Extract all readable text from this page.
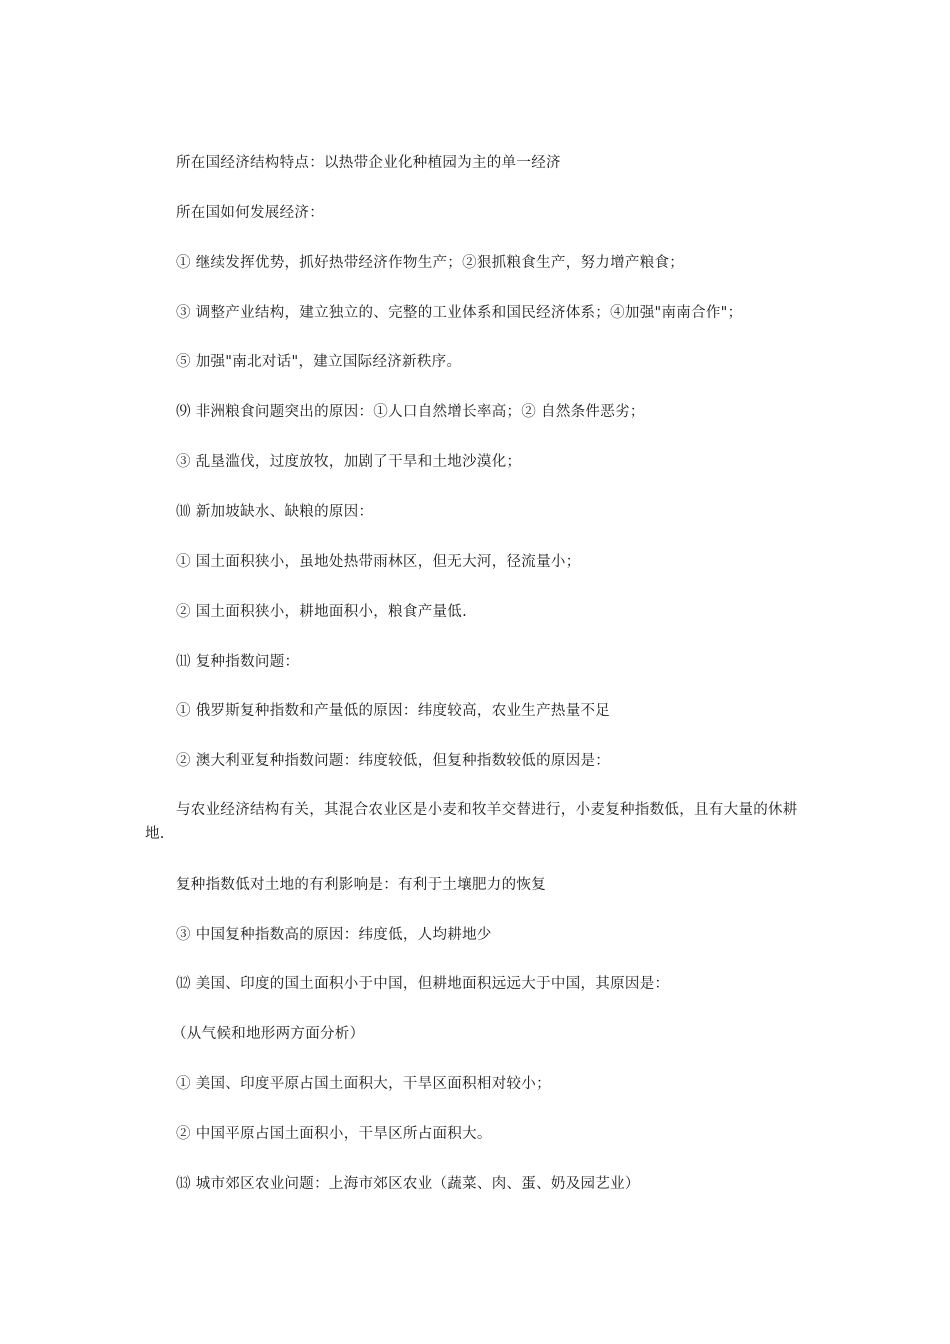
所在国经济结构特点：以热带企业化种植园为主的单一经济

所在国如何发展经济：

① 继续发挥优势，抓好热带经济作物生产；②狠抓粮食生产，努力增产粮食；

③ 调整产业结构，建立独立的、完整的工业体系和国民经济体系；④加强"南南合作"；

⑤ 加强"南北对话"，建立国际经济新秩序。

⑼ 非洲粮食问题突出的原因：①人口自然增长率高；② 自然条件恶劣；

③ 乱垦滥伐，过度放牧，加剧了干旱和土地沙漠化；

⑽ 新加坡缺水、缺粮的原因：

① 国土面积狭小，虽地处热带雨林区，但无大河，径流量小；

② 国土面积狭小，耕地面积小，粮食产量低.

⑾ 复种指数问题：

① 俄罗斯复种指数和产量低的原因：纬度较高，农业生产热量不足

② 澳大利亚复种指数问题：纬度较低，但复种指数较低的原因是：

与农业经济结构有关，其混合农业区是小麦和牧羊交替进行，小麦复种指数低，且有大量的休耕地.

复种指数低对土地的有利影响是：有利于土壤肥力的恢复

③ 中国复种指数高的原因：纬度低，人均耕地少

⑿ 美国、印度的国土面积小于中国，但耕地面积远远大于中国，其原因是：

（从气候和地形两方面分析）

① 美国、印度平原占国土面积大，干旱区面积相对较小；

② 中国平原占国土面积小，干旱区所占面积大。

⒀ 城市郊区农业问题：上海市郊区农业（蔬菜、肉、蛋、奶及园艺业）
